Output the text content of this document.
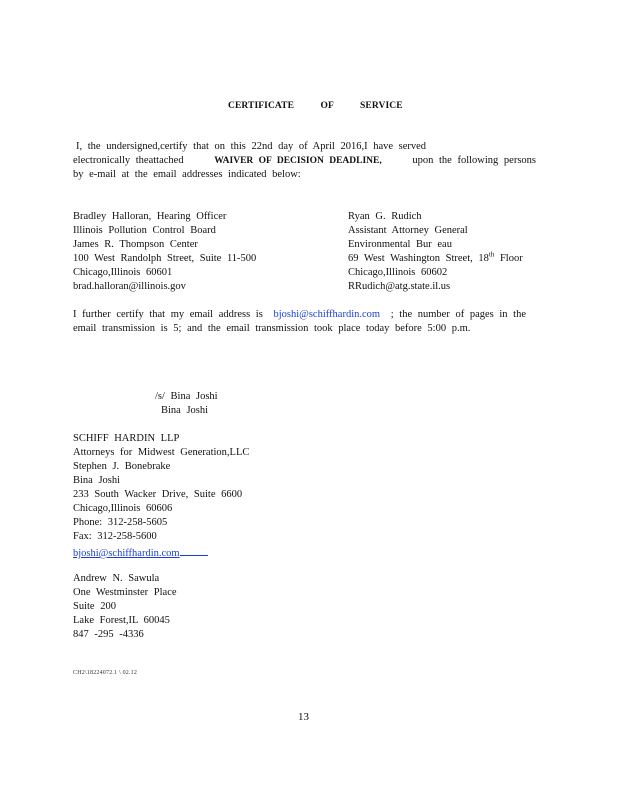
CERTIFICATE OF SERVICE
I, the undersigned,certify that on this 22nd day of April 2016,I have served
electronically theattached	WAIVER OF DECISION DEADLINE,	upon the following persons
by e-mail at the email addresses indicated below:
Bradley Halloran, Hearing Officer
Illinois Pollution Control Board
James R. Thompson Center
100 West Randolph Street, Suite 11-500
Chicago,Illinois 60601
brad.halloran@illinois.gov
Ryan G. Rudich
Assistant Attorney General
Environmental Bur eau
69 West Washington Street, 18th Floor
Chicago,Illinois 60602
RRudich@atg.state.il.us
I further certify that my email address is bjoshi@schiffhardin.com ; the number of pages in the
email transmission is 5; and the email transmission took place today before 5:00 p.m.
/s/ Bina Joshi
Bina Joshi
SCHIFF HARDIN LLP
Attorneys for Midwest Generation,LLC
Stephen J. Bonebrake
Bina Joshi
233 South Wacker Drive, Suite 6600
Chicago,Illinois 60606
Phone: 312-258-5605
Fax: 312-258-5600
bjoshi@schiffhardin.com
Andrew N. Sawula
One Westminster Place
Suite 200
Lake Forest,IL 60045
847 -295 -4336
CH2\18224072.1 \ 02.12
13
